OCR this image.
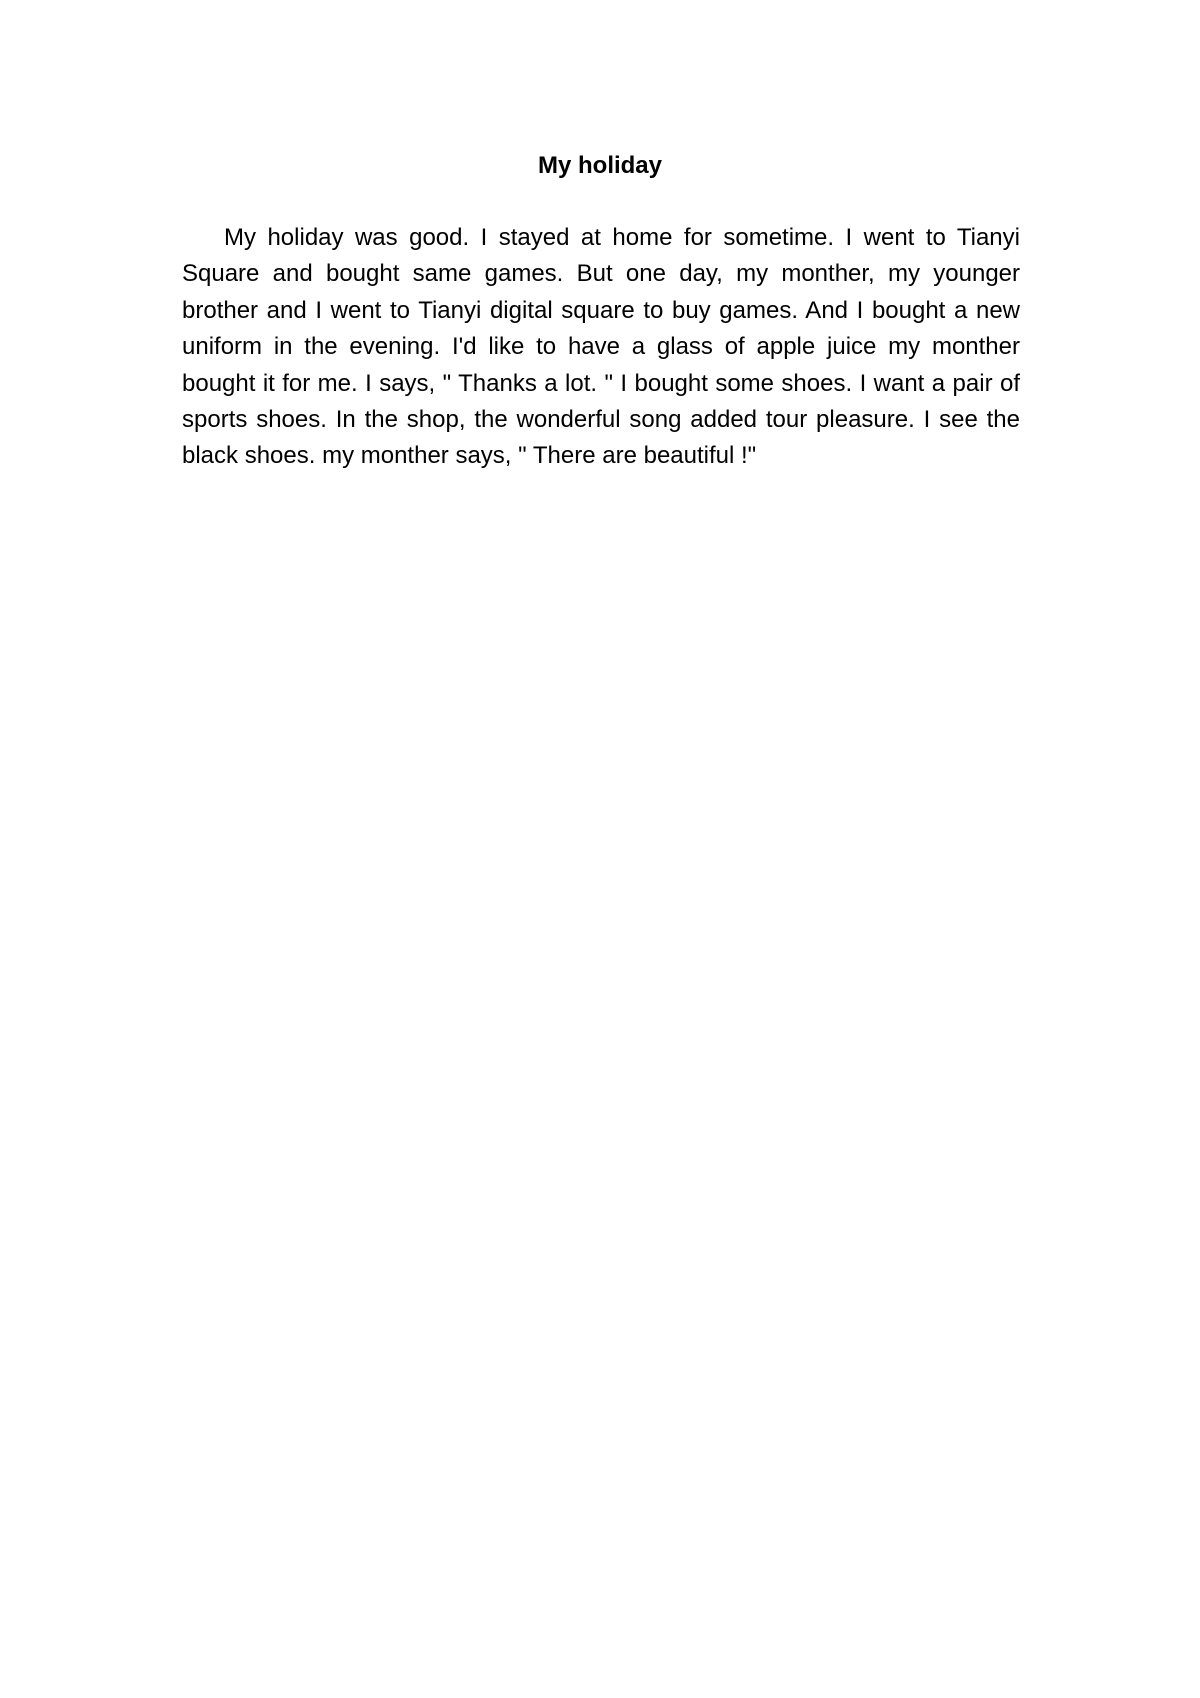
My holiday

My holiday was good. I stayed at home for sometime. I went to Tianyi Square and bought same games. But one day, my monther, my younger brother and I went to Tianyi digital square to buy games. And I bought a new uniform in the evening. I'd like to have a glass of apple juice my monther bought it for me. I says, " Thanks a lot. " I bought some shoes. I want a pair of sports shoes. In the shop, the wonderful song added tour pleasure. I see the black shoes. my monther says, " There are beautiful !"
